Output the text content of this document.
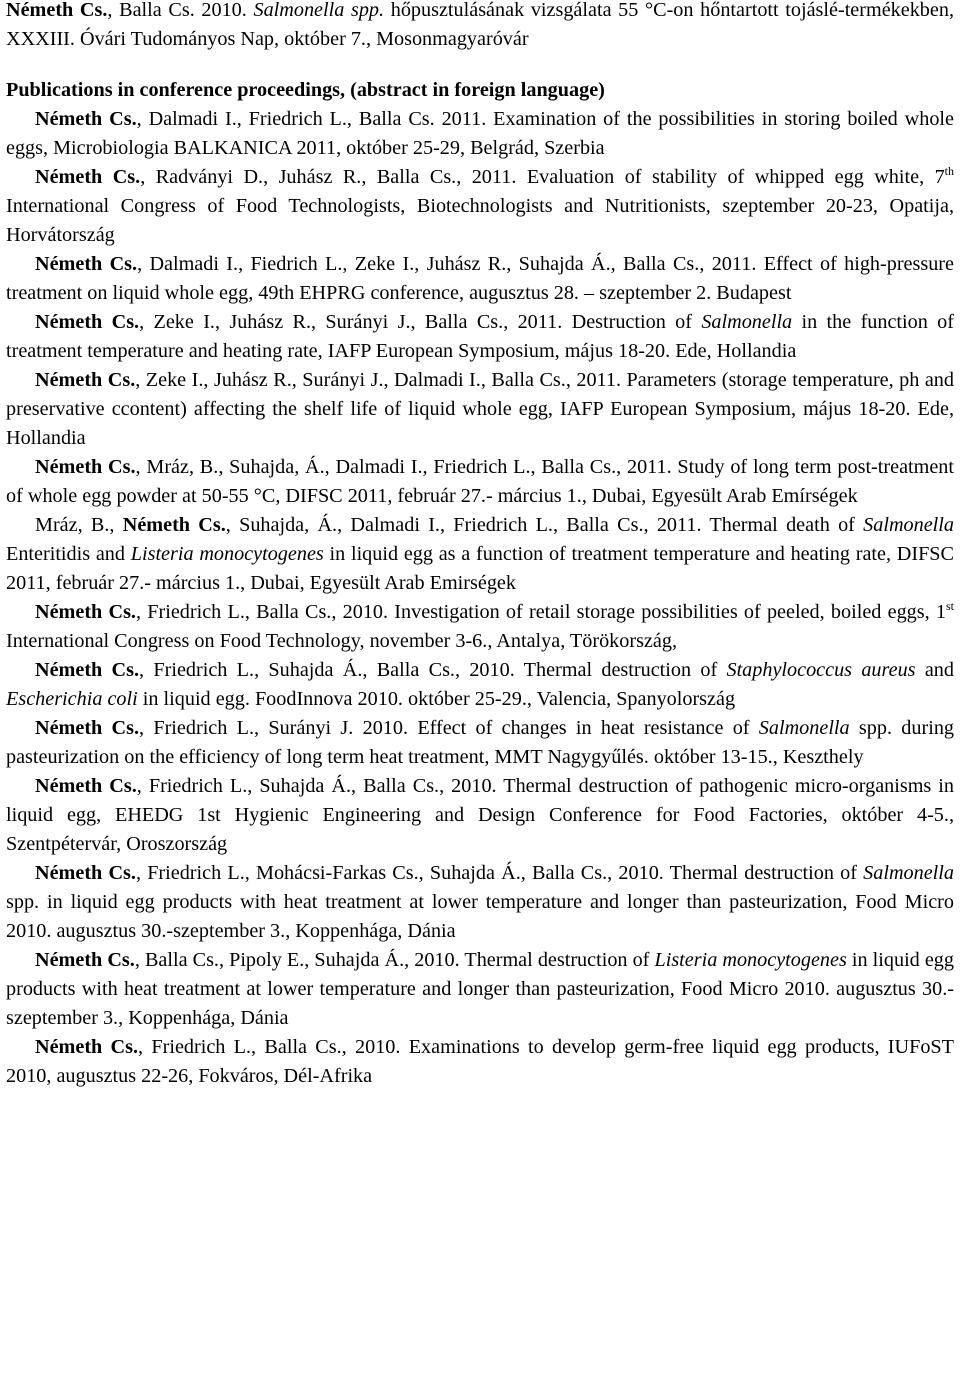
Németh Cs., Balla Cs. 2010. Salmonella spp. hőpusztulásának vizsgálata 55 °C-on hőntartott tojáslé-termékekben, XXXIII. Óvári Tudományos Nap, október 7., Mosonmagyaróvár

Publications in conference proceedings, (abstract in foreign language)

Németh Cs., Dalmadi I., Friedrich L., Balla Cs. 2011. Examination of the possibilities in storing boiled whole eggs, Microbiologia BALKANICA 2011, október 25-29, Belgrád, Szerbia

Németh Cs., Radványi D., Juhász R., Balla Cs., 2011. Evaluation of stability of whipped egg white, 7th International Congress of Food Technologists, Biotechnologists and Nutritionists, szeptember 20-23, Opatija, Horvátország

Németh Cs., Dalmadi I., Fiedrich L., Zeke I., Juhász R., Suhajda Á., Balla Cs., 2011. Effect of high-pressure treatment on liquid whole egg, 49th EHPRG conference, augusztus 28. – szeptember 2. Budapest

Németh Cs., Zeke I., Juhász R., Surányi J., Balla Cs., 2011. Destruction of Salmonella in the function of treatment temperature and heating rate, IAFP European Symposium, május 18-20. Ede, Hollandia

Németh Cs., Zeke I., Juhász R., Surányi J., Dalmadi I., Balla Cs., 2011. Parameters (storage temperature, ph and preservative ccontent) affecting the shelf life of liquid whole egg, IAFP European Symposium, május 18-20. Ede, Hollandia

Németh Cs., Mráz, B., Suhajda, Á., Dalmadi I., Friedrich L., Balla Cs., 2011. Study of long term post-treatment of whole egg powder at 50-55 °C, DIFSC 2011, február 27.- március 1., Dubai, Egyesült Arab Emírségek

Mráz, B., Németh Cs., Suhajda, Á., Dalmadi I., Friedrich L., Balla Cs., 2011. Thermal death of Salmonella Enteritidis and Listeria monocytogenes in liquid egg as a function of treatment temperature and heating rate, DIFSC 2011, február 27.- március 1., Dubai, Egyesült Arab Emirségek

Németh Cs., Friedrich L., Balla Cs., 2010. Investigation of retail storage possibilities of peeled, boiled eggs, 1st International Congress on Food Technology, november 3-6., Antalya, Törökország,

Németh Cs., Friedrich L., Suhajda Á., Balla Cs., 2010. Thermal destruction of Staphylococcus aureus and Escherichia coli in liquid egg. FoodInnova 2010. október 25-29., Valencia, Spanyolország

Németh Cs., Friedrich L., Surányi J. 2010. Effect of changes in heat resistance of Salmonella spp. during pasteurization on the efficiency of long term heat treatment, MMT Nagygyűlés. október 13-15., Keszthely

Németh Cs., Friedrich L., Suhajda Á., Balla Cs., 2010. Thermal destruction of pathogenic micro-organisms in liquid egg, EHEDG 1st Hygienic Engineering and Design Conference for Food Factories, október 4-5., Szentpétervár, Oroszország

Németh Cs., Friedrich L., Mohácsi-Farkas Cs., Suhajda Á., Balla Cs., 2010. Thermal destruction of Salmonella spp. in liquid egg products with heat treatment at lower temperature and longer than pasteurization, Food Micro 2010. augusztus 30.-szeptember 3., Koppenhága, Dánia

Németh Cs., Balla Cs., Pipoly E., Suhajda Á., 2010. Thermal destruction of Listeria monocytogenes in liquid egg products with heat treatment at lower temperature and longer than pasteurization, Food Micro 2010. augusztus 30.-szeptember 3., Koppenhága, Dánia

Németh Cs., Friedrich L., Balla Cs., 2010. Examinations to develop germ-free liquid egg products, IUFoST 2010, augusztus 22-26, Fokváros, Dél-Afrika
